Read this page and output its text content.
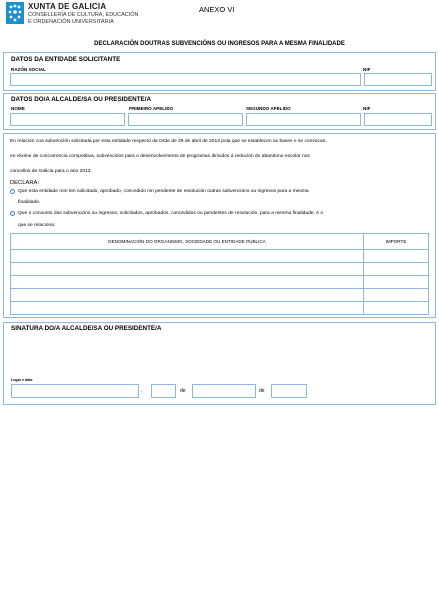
XUNTA DE GALICIA
CONSELLERÍA DE CULTURA, EDUCACIÓN
E ORDENACIÓN UNIVERSITARIA
ANEXO VI
DECLARACIÓN DOUTRAS SUBVENCIÓNS OU INGRESOS PARA A MESMA FINALIDADE
DATOS DA ENTIDADE SOLICITANTE
RAZÓN SOCIAL	NIF
DATOS DO/A ALCALDE/SA OU PRESIDENTE/A
NOME	PRIMEIRO APELIDO	SEGUNDO APELIDO	NIF
En relación coa subvención solicitada por esta entidade respecto da Orde de 26 de abril de 2013 pola que se establecen as bases e se convocan,
en réxime de concorrencia competitiva, subvencións para o desenvolvemento de programas dirixidos á redución do abandono escolar nos
concellos de Galicia para o ano 2013,
DECLARA:
Que esta entidade non ten solicitado, aprobado, concedido nin pendente de resolución outras subvencións ou ingresos para a mesma
finalidade.
Que o conxunto das subvencións ou ingresos, solicitados, aprobados, concedidos ou pendentes de resolución, para a mesma finalidade, é o
que se relaciona:
DENOMINACIÓN DO ORGANISMO, SOCIEDADE OU ENTIDADE PÚBLICA	IMPORTE

SINATURA DO/A ALCALDE/SA OU PRESIDENTE/A
Lugar e data
,	de	de
